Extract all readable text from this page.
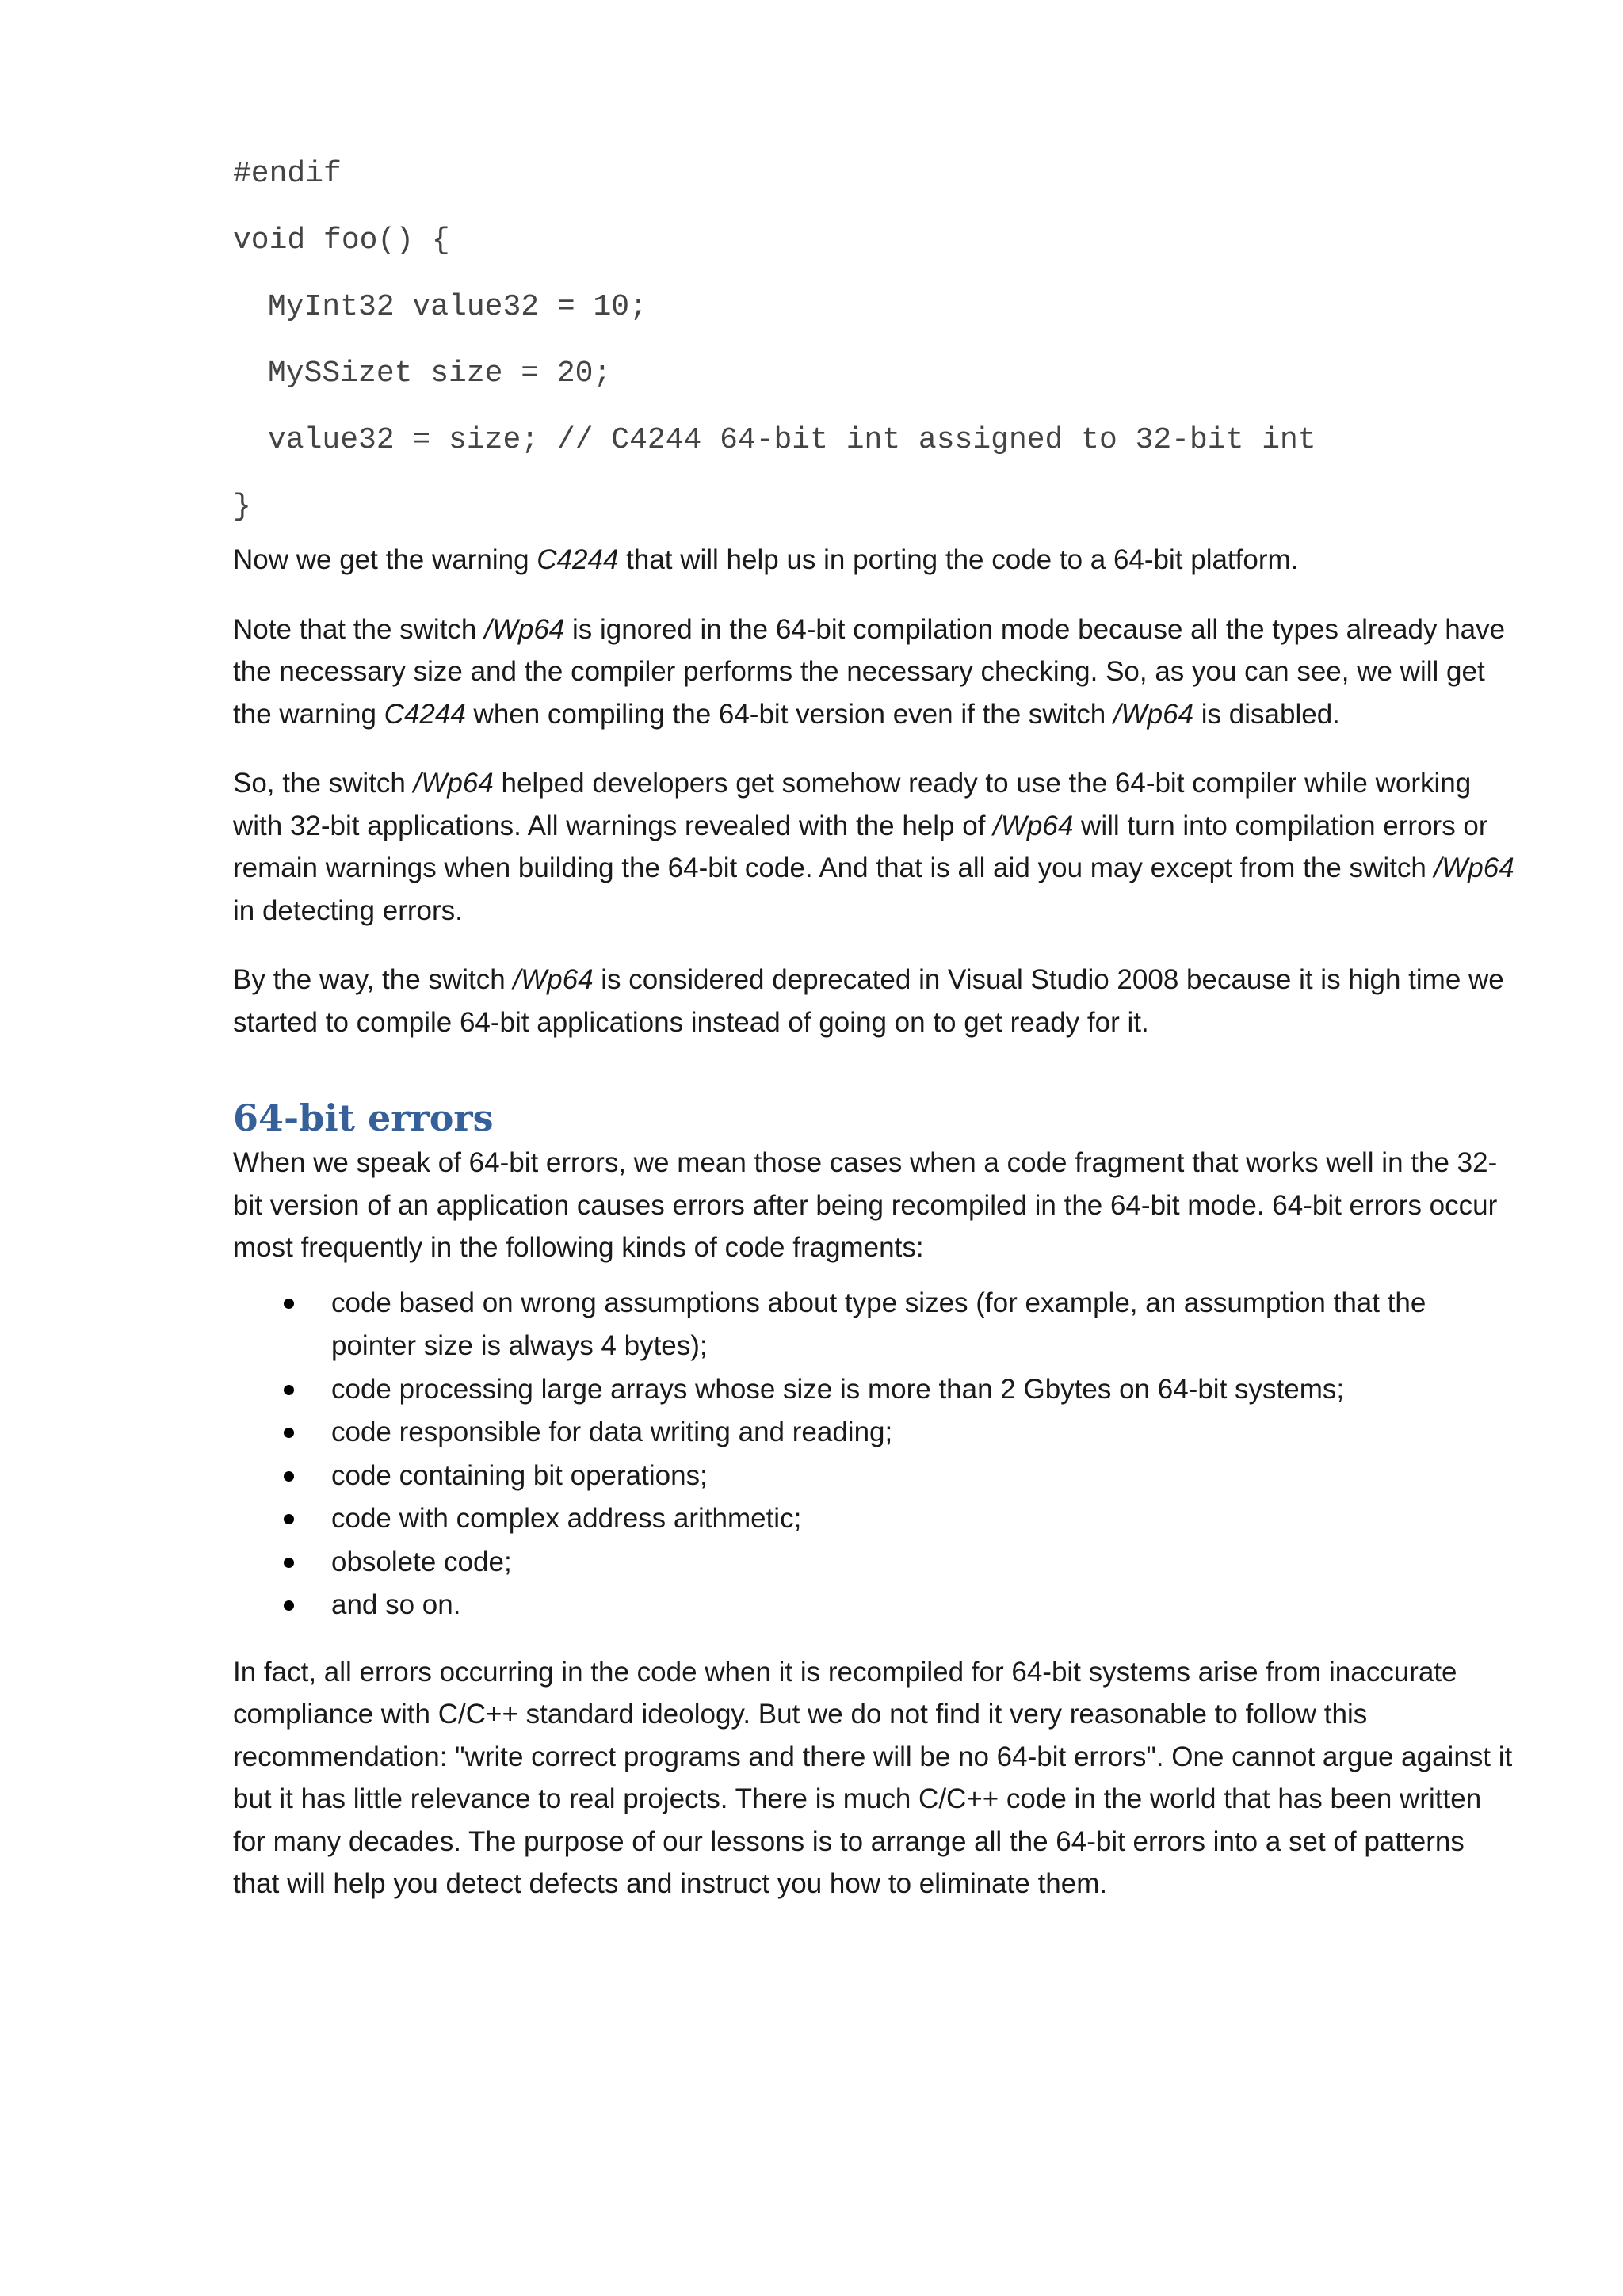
#endif
void foo() {
MyInt32 value32 = 10;
MySSizet size = 20;
value32 = size; // C4244 64-bit int assigned to 32-bit int
}

Now we get the warning C4244 that will help us in porting the code to a 64-bit platform.

Note that the switch /Wp64 is ignored in the 64-bit compilation mode because all the types already have the necessary size and the compiler performs the necessary checking. So, as you can see, we will get the warning C4244 when compiling the 64-bit version even if the switch /Wp64 is disabled.

So, the switch /Wp64 helped developers get somehow ready to use the 64-bit compiler while working with 32-bit applications. All warnings revealed with the help of /Wp64 will turn into compilation errors or remain warnings when building the 64-bit code. And that is all aid you may except from the switch /Wp64 in detecting errors.

By the way, the switch /Wp64 is considered deprecated in Visual Studio 2008 because it is high time we started to compile 64-bit applications instead of going on to get ready for it.

64-bit errors

When we speak of 64-bit errors, we mean those cases when a code fragment that works well in the 32-bit version of an application causes errors after being recompiled in the 64-bit mode. 64-bit errors occur most frequently in the following kinds of code fragments:

code based on wrong assumptions about type sizes (for example, an assumption that the pointer size is always 4 bytes);
code processing large arrays whose size is more than 2 Gbytes on 64-bit systems;
code responsible for data writing and reading;
code containing bit operations;
code with complex address arithmetic;
obsolete code;
and so on.

In fact, all errors occurring in the code when it is recompiled for 64-bit systems arise from inaccurate compliance with C/C++ standard ideology. But we do not find it very reasonable to follow this recommendation: "write correct programs and there will be no 64-bit errors". One cannot argue against it but it has little relevance to real projects. There is much C/C++ code in the world that has been written for many decades. The purpose of our lessons is to arrange all the 64-bit errors into a set of patterns that will help you detect defects and instruct you how to eliminate them.
